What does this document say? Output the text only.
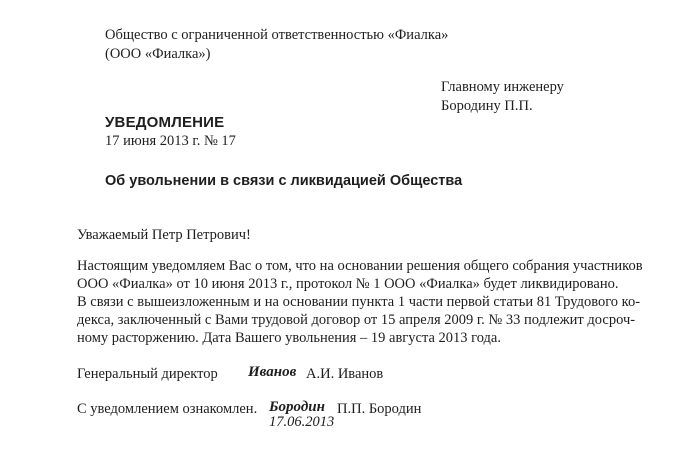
Общество с ограниченной ответственностью «Фиалка»
(ООО «Фиалка»)
Главному инженеру
Бородину П.П.
УВЕДОМЛЕНИЕ
17 июня 2013 г. № 17
Об увольнении в связи с ликвидацией Общества
Уважаемый Петр Петрович!
Настоящим уведомляем Вас о том, что на основании решения общего собрания участников
ООО «Фиалка» от 10 июня 2013 г., протокол № 1 ООО «Фиалка» будет ликвидировано.
В связи с вышеизложенным и на основании пункта 1 части первой статьи 81 Трудового ко-
декса, заключенный с Вами трудовой договор от 15 апреля 2009 г. № 33 подлежит досроч-
ному расторжению. Дата Вашего увольнения – 19 августа 2013 года.
Генеральный директор Иванов А.И. Иванов
С уведомлением ознакомлен. Бородин П.П. Бородин
17.06.2013
